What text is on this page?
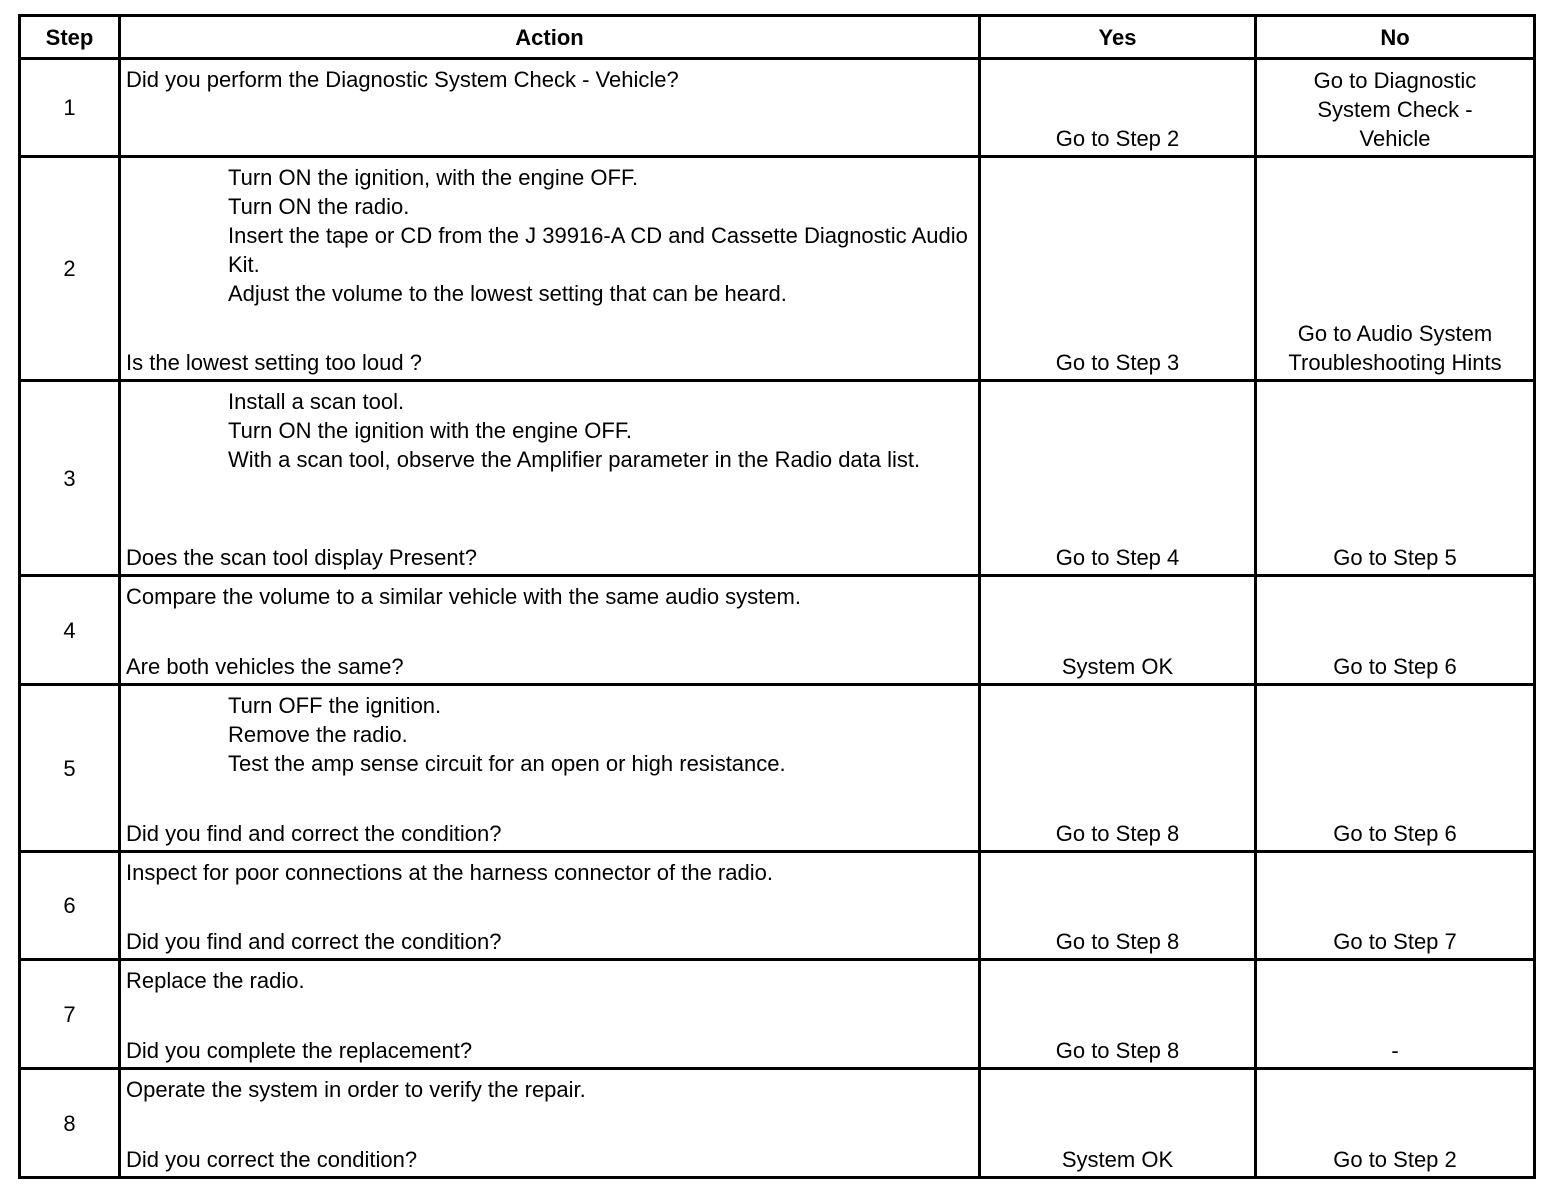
Step	Action	Yes	No
1	Did you perform the Diagnostic System Check - Vehicle?	Go to Step 2	Go to Diagnostic System Check - Vehicle
2	Turn ON the ignition, with the engine OFF.
Turn ON the radio.
Insert the tape or CD from the J 39916-A CD and Cassette Diagnostic Audio Kit.
Adjust the volume to the lowest setting that can be heard.
Is the lowest setting too loud ?	Go to Step 3	Go to Audio System Troubleshooting Hints
3	Install a scan tool.
Turn ON the ignition with the engine OFF.
With a scan tool, observe the Amplifier parameter in the Radio data list.
Does the scan tool display Present?	Go to Step 4	Go to Step 5
4	Compare the volume to a similar vehicle with the same audio system.
Are both vehicles the same?	System OK	Go to Step 6
5	Turn OFF the ignition.
Remove the radio.
Test the amp sense circuit for an open or high resistance.
Did you find and correct the condition?	Go to Step 8	Go to Step 6
6	Inspect for poor connections at the harness connector of the radio.
Did you find and correct the condition?	Go to Step 8	Go to Step 7
7	Replace the radio.
Did you complete the replacement?	Go to Step 8	-
8	Operate the system in order to verify the repair.
Did you correct the condition?	System OK	Go to Step 2
